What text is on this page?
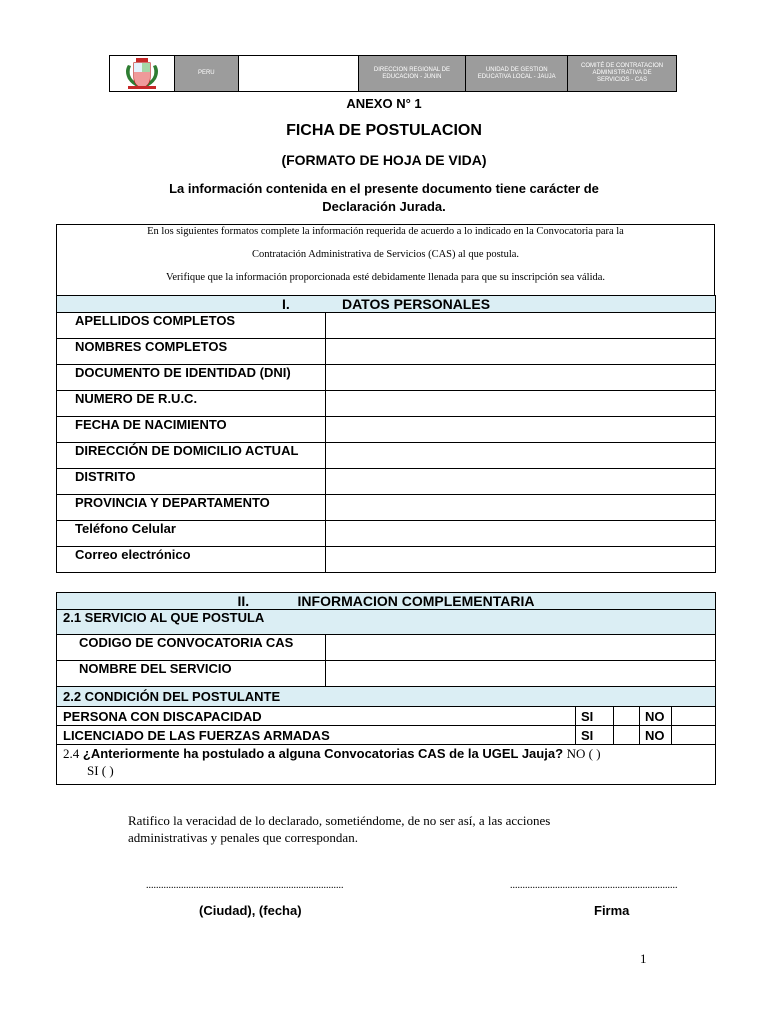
PERU
DIRECCION REGIONAL DE EDUCACION - JUNIN
UNIDAD DE GESTION EDUCATIVA LOCAL - JAUJA
COMITÉ DE CONTRATACION ADMINISTRATIVA DE SERVICIOS - CAS
ANEXO N° 1
FICHA DE POSTULACION
(FORMATO DE HOJA DE VIDA)
La información contenida en el presente documento tiene carácter de
Declaración Jurada.

En los siguientes formatos complete la información requerida de acuerdo a lo indicado en la Convocatoria para la

Contratación Administrativa de Servicios (CAS) al que postula.

Verifique que la información proporcionada esté debidamente llenada para que su inscripción sea válida.

I. DATOS PERSONALES	
APELLIDOS COMPLETOS	
NOMBRES COMPLETOS	
DOCUMENTO DE IDENTIDAD (DNI)	
NUMERO DE R.U.C.	
FECHA DE NACIMIENTO	
DIRECCIÓN DE DOMICILIO ACTUAL	
DISTRITO	
PROVINCIA Y DEPARTAMENTO	
Teléfono Celular	
Correo electrónico	
II. INFORMACION COMPLEMENTARIA					
2.1 SERVICIO AL QUE POSTULA					
CODIGO DE CONVOCATORIA CAS					
NOMBRE DEL SERVICIO					
2.2 CONDICIÓN DEL POSTULANTE					
PERSONA CON DISCAPACIDAD		SI		NO	
LICENCIADO DE LAS FUERZAS ARMADAS		SI		NO	

2.4 ¿Anteriormente ha postulado a alguna Convocatorias CAS de la UGEL Jauja? NO ( )
SI ( )					
Ratifico la veracidad de lo declarado, sometiéndome, de no ser así, a las acciones
administrativas y penales que correspondan.
...............................................................................
(Ciudad), (fecha)
...................................................................
Firma
1
